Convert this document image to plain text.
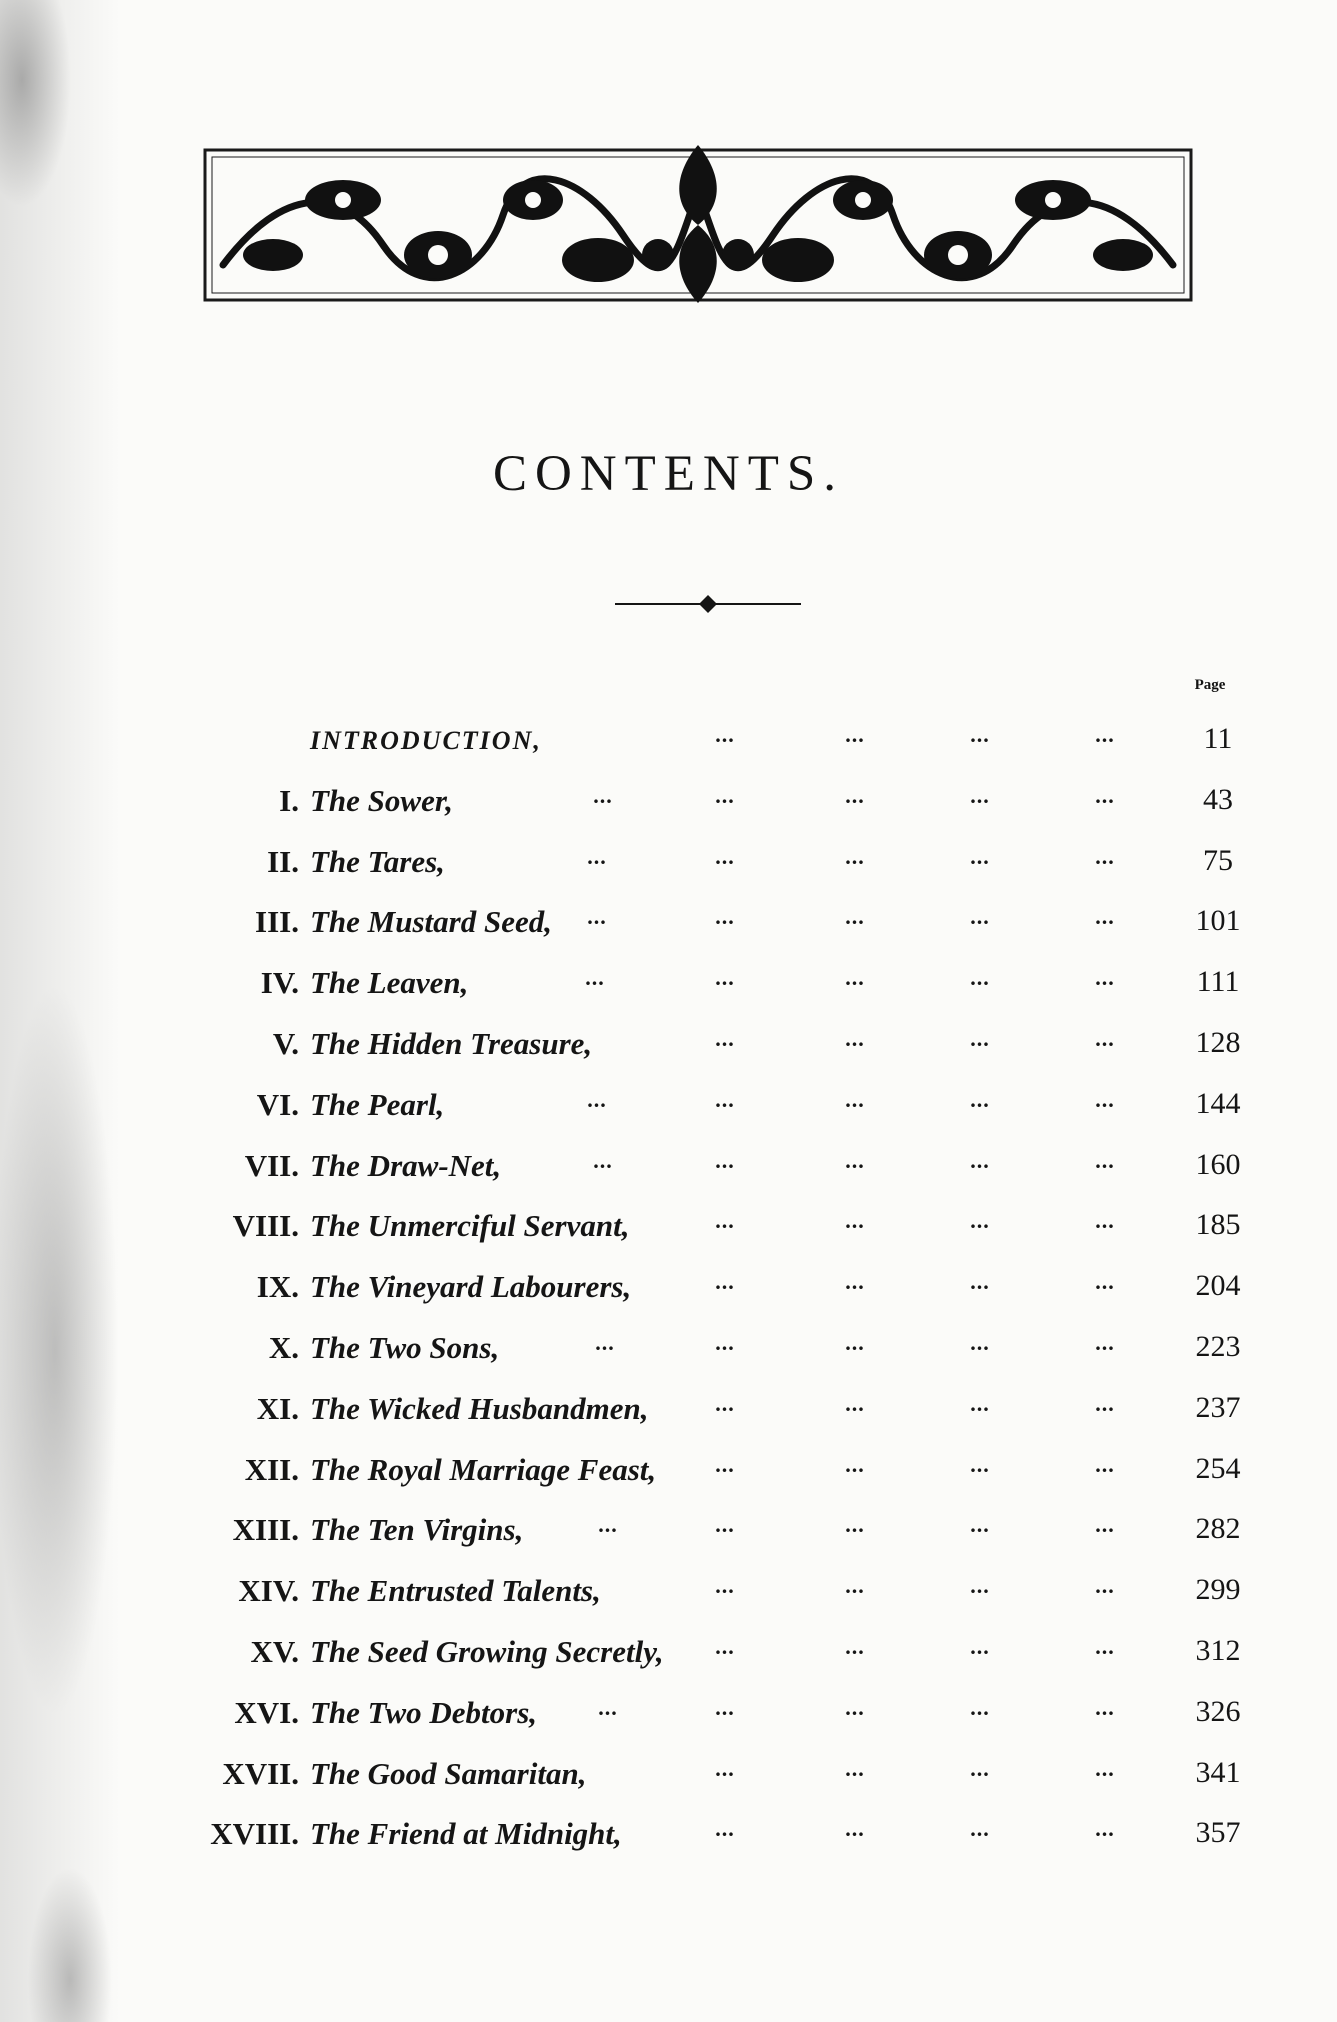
CONTENTS.
Page
INTRODUCTION,	...	...	...	...	11
I. The Sower,	...	...	...	...	...	43
II. The Tares,	...	...	...	...	...	75
III. The Mustard Seed,	...	...	...	...	...	101
IV. The Leaven,	...	...	...	...	...	111
V. The Hidden Treasure,	...	...	...	...	128
VI. The Pearl,	...	...	...	...	...	144
VII. The Draw-Net,	...	...	...	...	...	160
VIII. The Unmerciful Servant,	...	...	...	...	185
IX. The Vineyard Labourers,	...	...	...	...	204
X. The Two Sons,	...	...	...	...	...	223
XI. The Wicked Husbandmen,	...	...	...	...	237
XII. The Royal Marriage Feast,	...	...	...	...	254
XIII. The Ten Virgins,	...	...	...	...	...	282
XIV. The Entrusted Talents,	...	...	...	...	299
XV. The Seed Growing Secretly,	...	...	...	...	312
XVI. The Two Debtors,	...	...	...	...	...	326
XVII. The Good Samaritan,	...	...	...	...	341
XVIII. The Friend at Midnight,	...	...	...	...	357
